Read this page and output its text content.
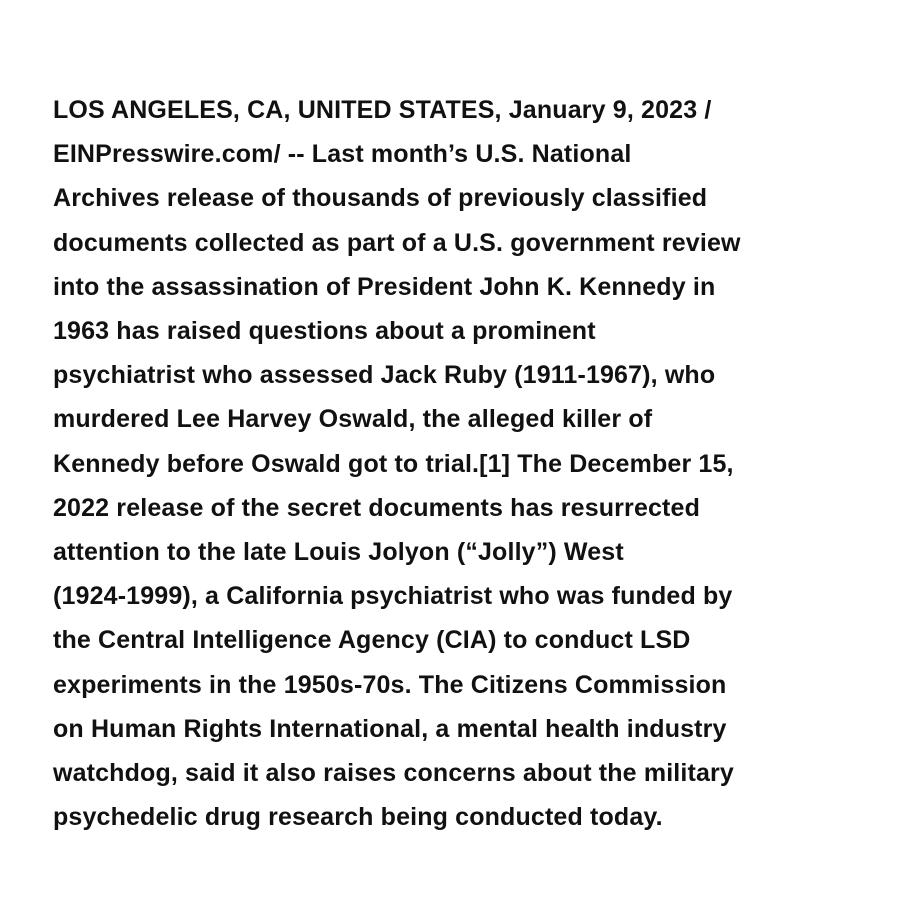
LOS ANGELES, CA, UNITED STATES, January 9, 2023 /
EINPresswire.com/ -- Last month’s U.S. National
Archives release of thousands of previously classified
documents collected as part of a U.S. government review
into the assassination of President John K. Kennedy in
1963 has raised questions about a prominent
psychiatrist who assessed Jack Ruby (1911-1967), who
murdered Lee Harvey Oswald, the alleged killer of
Kennedy before Oswald got to trial.[1] The December 15,
2022 release of the secret documents has resurrected
attention to the late Louis Jolyon (“Jolly”) West
(1924-1999), a California psychiatrist who was funded by
the Central Intelligence Agency (CIA) to conduct LSD
experiments in the 1950s-70s. The Citizens Commission
on Human Rights International, a mental health industry
watchdog, said it also raises concerns about the military
psychedelic drug research being conducted today.
